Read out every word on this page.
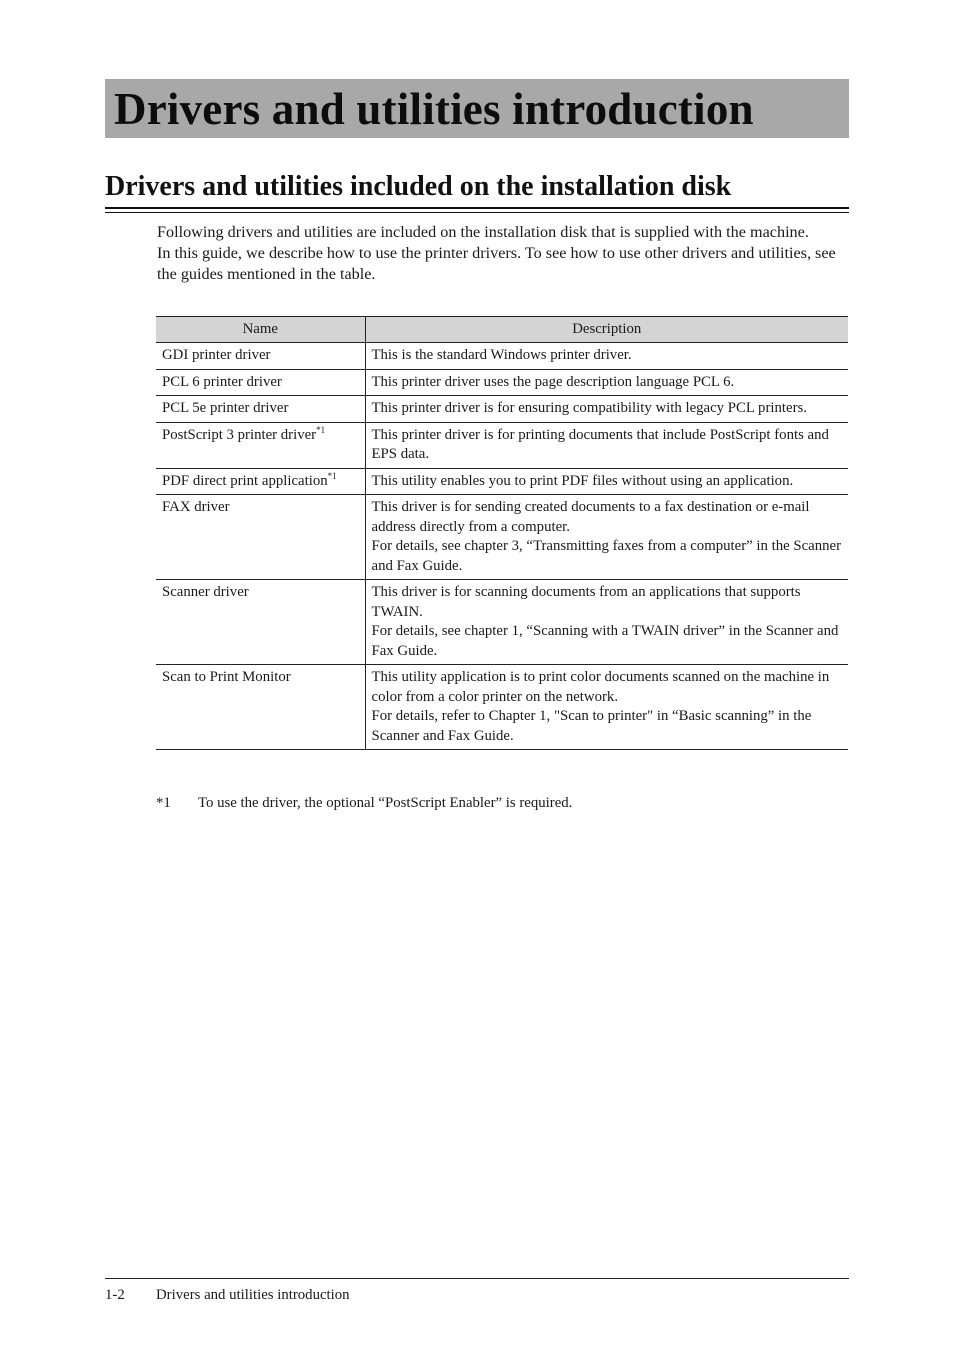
Drivers and utilities introduction
Drivers and utilities included on the installation disk

Following drivers and utilities are included on the installation disk that is supplied with the machine.

In this guide, we describe how to use the printer drivers. To see how to use other drivers and utilities, see the guides mentioned in the table.

Name	Description
GDI printer driver	This is the standard Windows printer driver.

PCL 6 printer driver	This printer driver uses the page description language PCL 6.

PCL 5e printer driver	This printer driver is for ensuring compatibility with legacy PCL printers.

PostScript 3 printer driver$^{*1}$	This printer driver is for printing documents that include PostScript fonts and EPS data.

PDF direct print application$^{*1}$	This utility enables you to print PDF files without using an application.

FAX driver	This driver is for sending created documents to a fax destination or e-mail address directly from a computer.
For details, see chapter 3, “Transmitting faxes from a computer” in the Scanner and Fax Guide.

Scanner driver	This driver is for scanning documents from an applications that supports TWAIN.
For details, see chapter 1, “Scanning with a TWAIN driver” in the Scanner and Fax Guide.

Scan to Print Monitor	This utility application is to print color documents scanned on the machine in color from a color printer on the network.
For details, refer to Chapter 1, "Scan to printer" in “Basic scanning” in the Scanner and Fax Guide.
*1 To use the driver, the optional “PostScript Enabler” is required.
1-2 Drivers and utilities introduction
